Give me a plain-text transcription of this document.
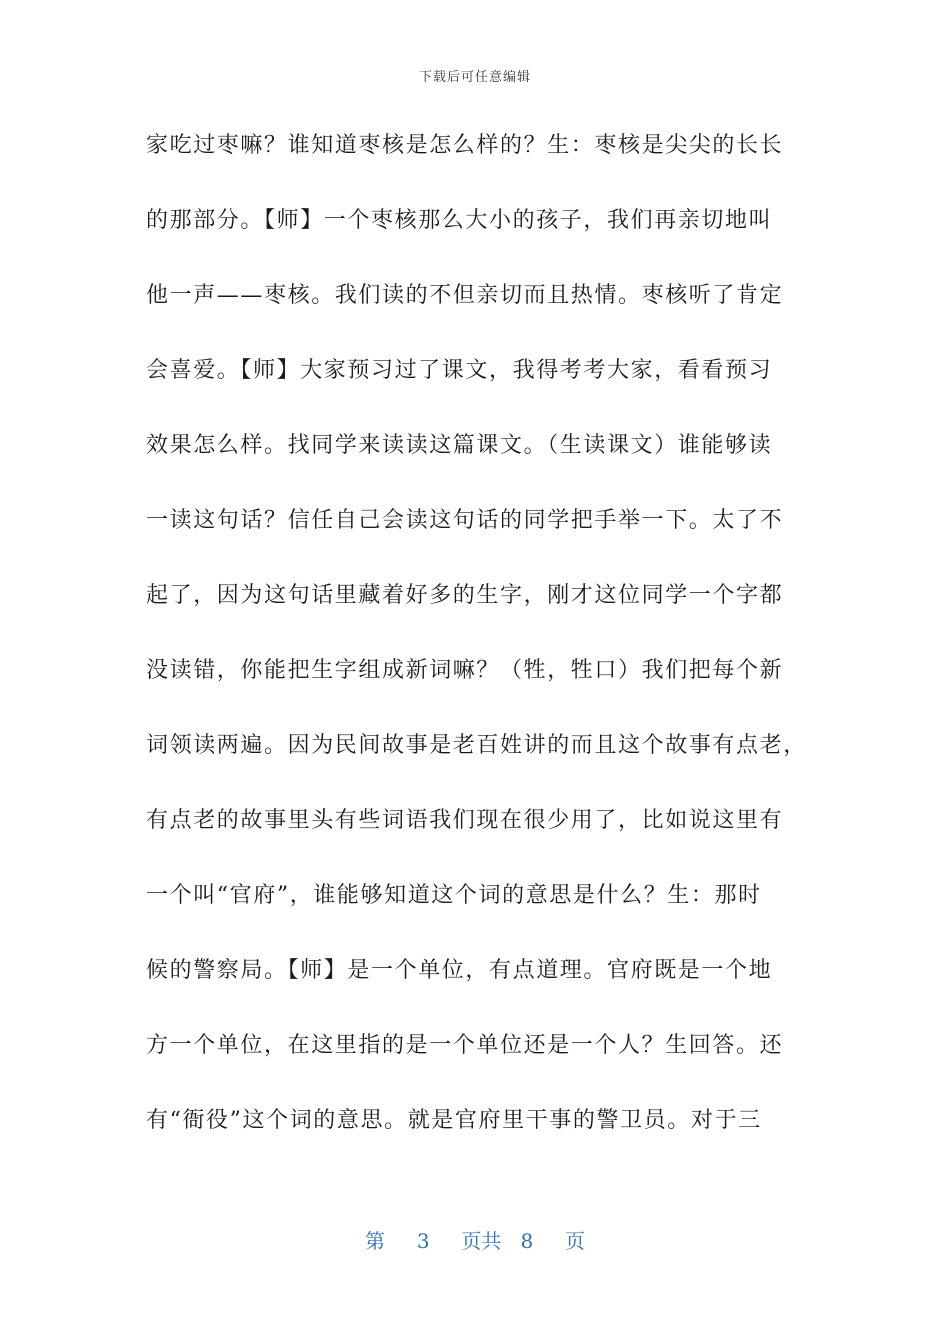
下载后可任意编辑
家吃过枣嘛？谁知道枣核是怎么样的？生：枣核是尖尖的长长
的那部分。【师】一个枣核那么大小的孩子，我们再亲切地叫
他一声——枣核。我们读的不但亲切而且热情。枣核听了肯定
会喜爱。【师】大家预习过了课文，我得考考大家，看看预习
效果怎么样。找同学来读读这篇课文。（生读课文）谁能够读
一读这句话？信任自己会读这句话的同学把手举一下。太了不
起了，因为这句话里藏着好多的生字，刚才这位同学一个字都
没读错，你能把生字组成新词嘛？（牲，牲口）我们把每个新
词领读两遍。因为民间故事是老百姓讲的而且这个故事有点老，
有点老的故事里头有些词语我们现在很少用了，比如说这里有
一个叫“官府”，谁能够知道这个词的意思是什么？生：那时
候的警察局。【师】是一个单位，有点道理。官府既是一个地
方一个单位，在这里指的是一个单位还是一个人？生回答。还
有“衙役”这个词的意思。就是官府里干事的警卫员。对于三
第 3 页共 8 页
